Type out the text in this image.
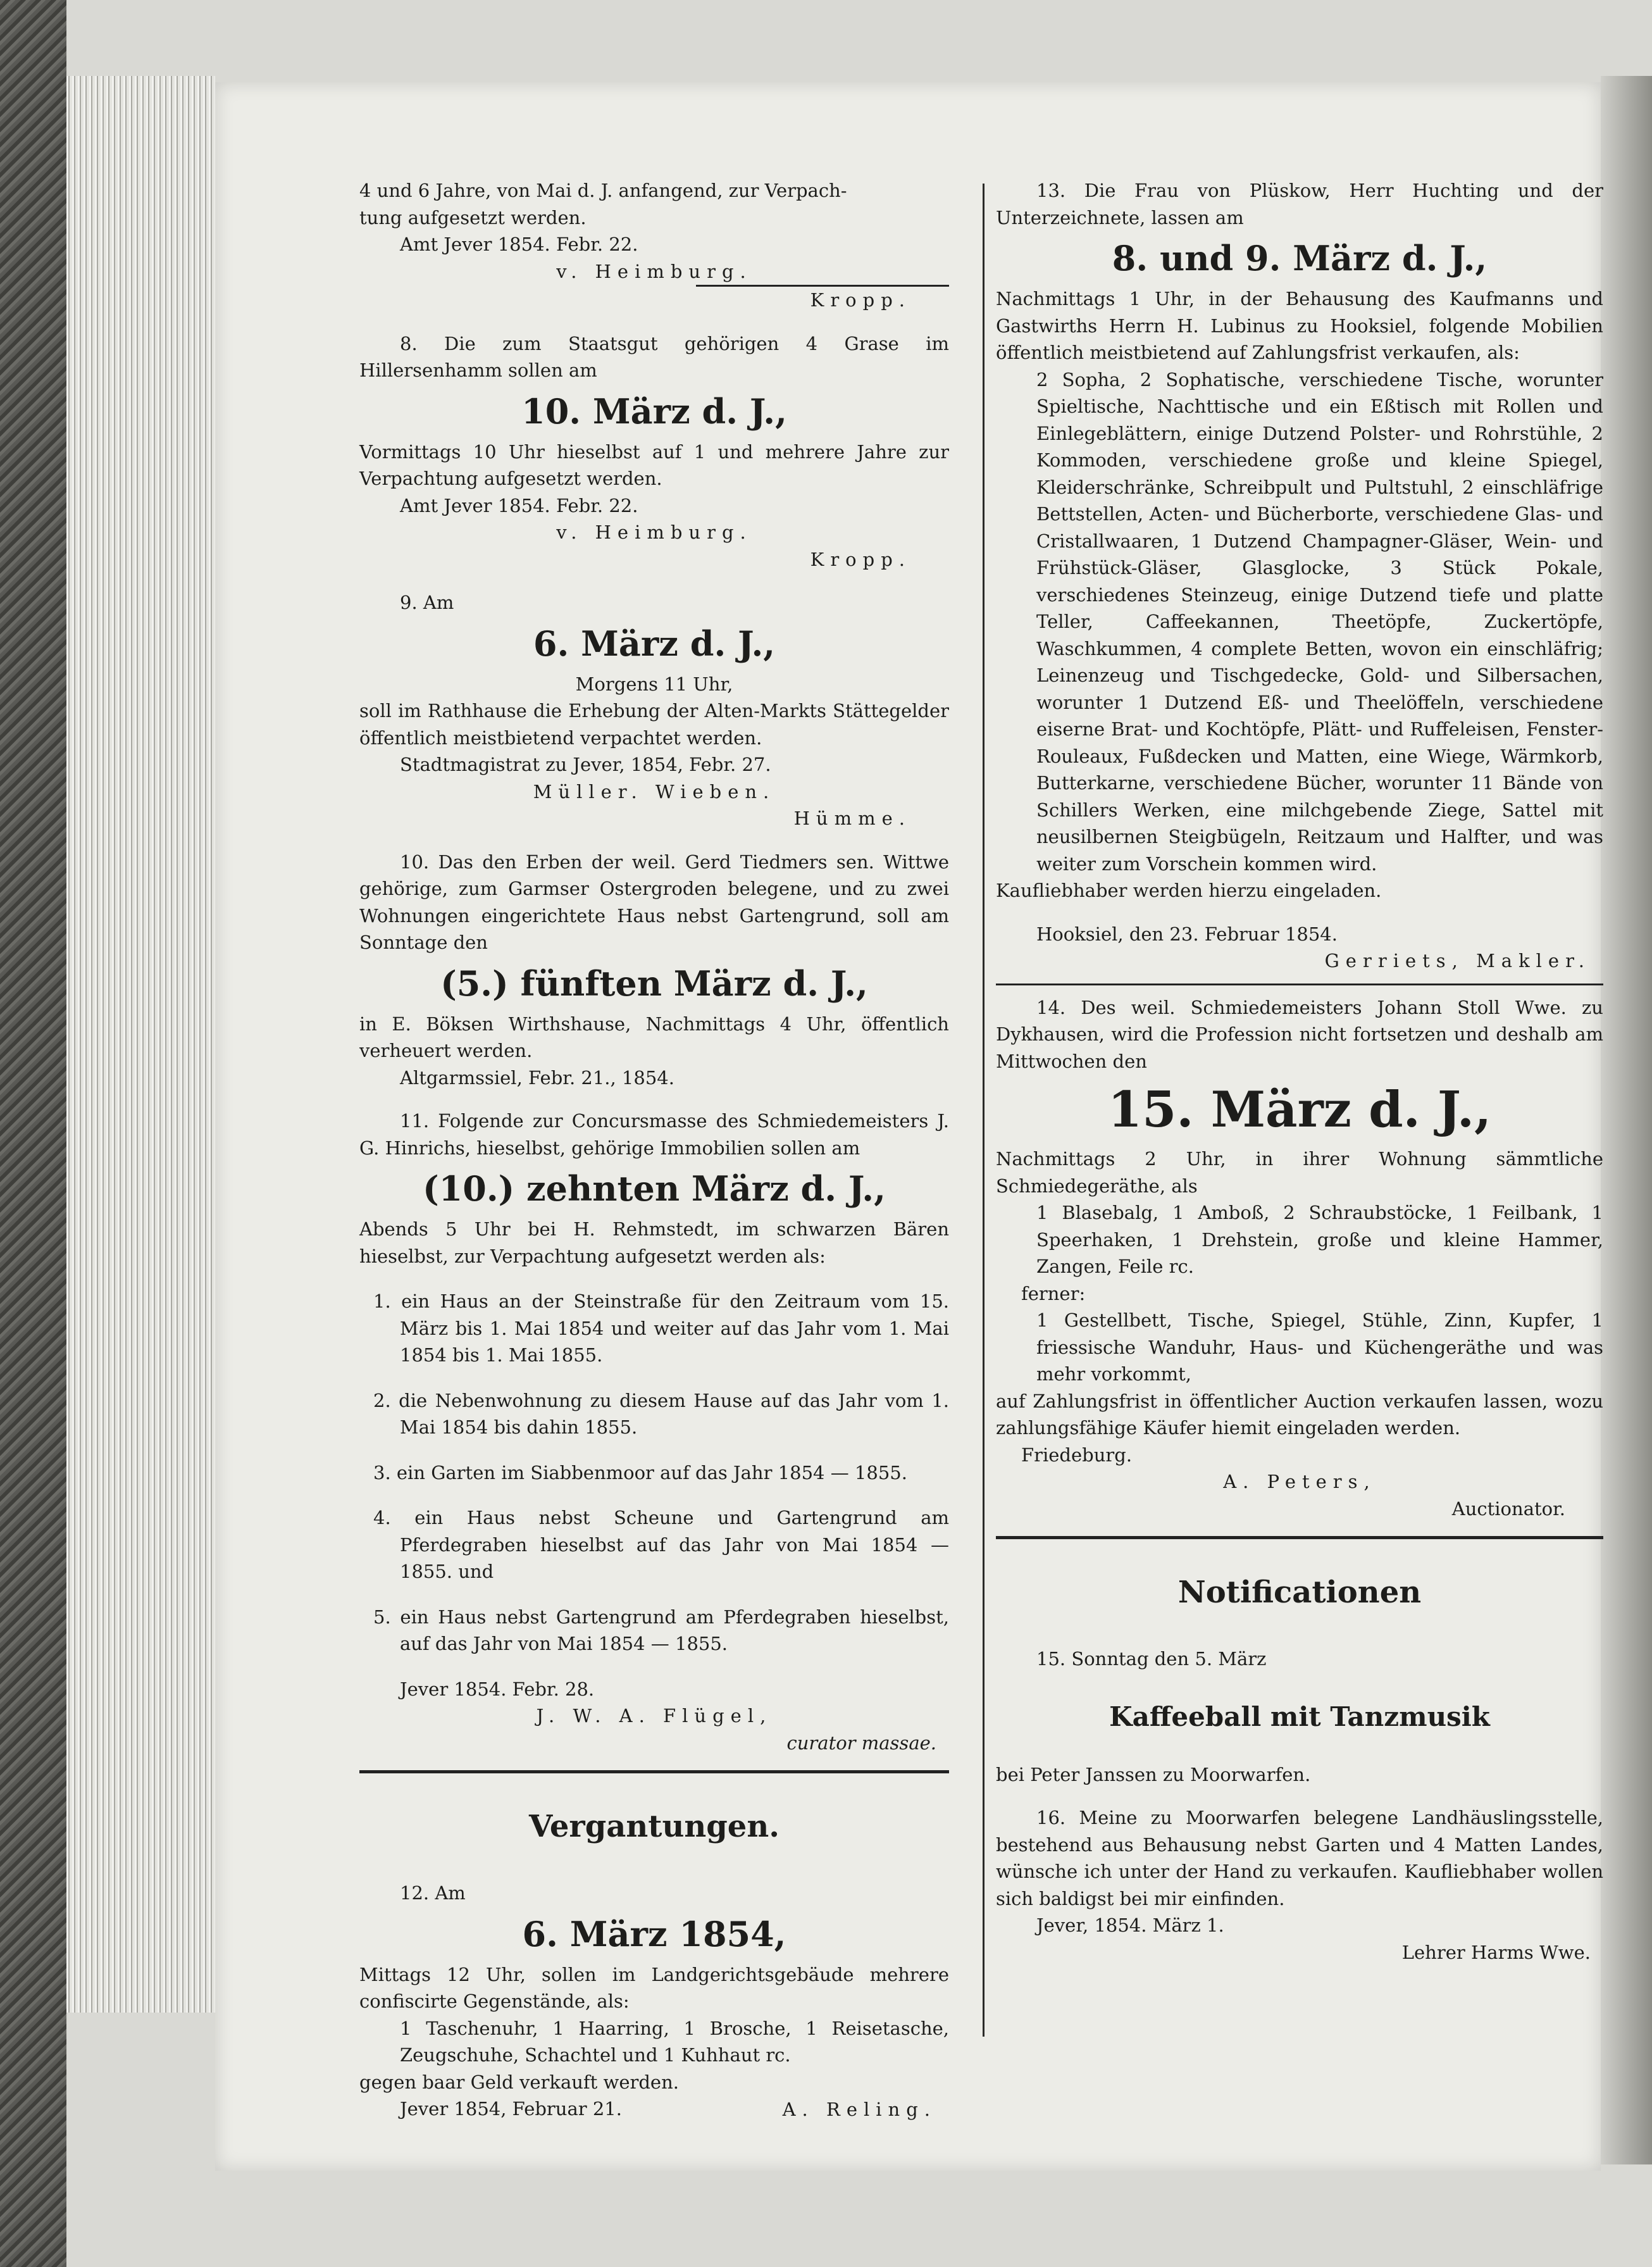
4 und 6 Jahre, von Mai d. J. anfangend, zur Verpach-

tung aufgesetzt werden.

Amt Jever 1854. Febr. 22.

v. Heimburg.

Kropp.

8. Die zum Staatsgut gehörigen 4 Grase im Hillersenhamm sollen am

10. März d. J.,

Vormittags 10 Uhr hieselbst auf 1 und mehrere Jahre zur Verpachtung aufgesetzt werden.

Amt Jever 1854. Febr. 22.

v. Heimburg.

Kropp.

9. Am

6. März d. J.,

Morgens 11 Uhr,

soll im Rathhause die Erhebung der Alten-Markts Stättegelder öffentlich meistbietend verpachtet werden.

Stadtmagistrat zu Jever, 1854, Febr. 27.

Müller. Wieben.

Hümme.

10. Das den Erben der weil. Gerd Tiedmers sen. Wittwe gehörige, zum Garmser Ostergroden belegene, und zu zwei Wohnungen eingerichtete Haus nebst Gartengrund, soll am Sonntage den

(5.) fünften März d. J.,

in E. Böksen Wirthshause, Nachmittags 4 Uhr, öffentlich verheuert werden.

Altgarmssiel, Febr. 21., 1854.

11. Folgende zur Concursmasse des Schmiedemeisters J. G. Hinrichs, hieselbst, gehörige Immobilien sollen am

(10.) zehnten März d. J.,

Abends 5 Uhr bei H. Rehmstedt, im schwarzen Bären hieselbst, zur Verpachtung aufgesetzt werden als:

1. ein Haus an der Steinstraße für den Zeitraum vom 15. März bis 1. Mai 1854 und weiter auf das Jahr vom 1. Mai 1854 bis 1. Mai 1855.

2. die Nebenwohnung zu diesem Hause auf das Jahr vom 1. Mai 1854 bis dahin 1855.

3. ein Garten im Siabbenmoor auf das Jahr 1854 — 1855.

4. ein Haus nebst Scheune und Gartengrund am Pferdegraben hieselbst auf das Jahr von Mai 1854 — 1855. und

5. ein Haus nebst Gartengrund am Pferdegraben hieselbst, auf das Jahr von Mai 1854 — 1855.

Jever 1854. Febr. 28.

J. W. A. Flügel,

curator massae.

Vergantungen.

12. Am

6. März 1854,

Mittags 12 Uhr, sollen im Landgerichtsgebäude mehrere confiscirte Gegenstände, als:

1 Taschenuhr, 1 Haarring, 1 Brosche, 1 Reisetasche, Zeugschuhe, Schachtel und 1 Kuhhaut rc.

gegen baar Geld verkauft werden.

Jever 1854, Februar 21.	A. Reling.

13. Die Frau von Plüskow, Herr Huchting und der Unterzeichnete, lassen am

8. und 9. März d. J.,

Nachmittags 1 Uhr, in der Behausung des Kaufmanns und Gastwirths Herrn H. Lubinus zu Hooksiel, folgende Mobilien öffentlich meistbietend auf Zahlungsfrist verkaufen, als:

2 Sopha, 2 Sophatische, verschiedene Tische, worunter Spieltische, Nachttische und ein Eßtisch mit Rollen und Einlegeblättern, einige Dutzend Polster- und Rohrstühle, 2 Kommoden, verschiedene große und kleine Spiegel, Kleiderschränke, Schreibpult und Pultstuhl, 2 einschläfrige Bettstellen, Acten- und Bücherborte, verschiedene Glas- und Cristallwaaren, 1 Dutzend Champagner-Gläser, Wein- und Frühstück-Gläser, Glasglocke, 3 Stück Pokale, verschiedenes Steinzeug, einige Dutzend tiefe und platte Teller, Caffeekannen, Theetöpfe, Zuckertöpfe, Waschkummen, 4 complete Betten, wovon ein einschläfrig; Leinenzeug und Tischgedecke, Gold- und Silbersachen, worunter 1 Dutzend Eß- und Theelöffeln, verschiedene eiserne Brat- und Kochtöpfe, Plätt- und Ruffeleisen, Fenster-Rouleaux, Fußdecken und Matten, eine Wiege, Wärmkorb, Butterkarne, verschiedene Bücher, worunter 11 Bände von Schillers Werken, eine milchgebende Ziege, Sattel mit neusilbernen Steigbügeln, Reitzaum und Halfter, und was weiter zum Vorschein kommen wird.

Kaufliebhaber werden hierzu eingeladen.

Hooksiel, den 23. Februar 1854.

Gerriets, Makler.

14. Des weil. Schmiedemeisters Johann Stoll Wwe. zu Dykhausen, wird die Profession nicht fortsetzen und deshalb am Mittwochen den

15. März d. J.,

Nachmittags 2 Uhr, in ihrer Wohnung sämmtliche Schmiedegeräthe, als

1 Blasebalg, 1 Amboß, 2 Schraubstöcke, 1 Feilbank, 1 Speerhaken, 1 Drehstein, große und kleine Hammer, Zangen, Feile rc.

ferner:

1 Gestellbett, Tische, Spiegel, Stühle, Zinn, Kupfer, 1 friessische Wanduhr, Haus- und Küchengeräthe und was mehr vorkommt,

auf Zahlungsfrist in öffentlicher Auction verkaufen lassen, wozu zahlungsfähige Käufer hiemit eingeladen werden.

Friedeburg.

A. Peters,

Auctionator.

Notificationen

15. Sonntag den 5. März

Kaffeeball mit Tanzmusik

bei Peter Janssen zu Moorwarfen.

16. Meine zu Moorwarfen belegene Landhäuslingsstelle, bestehend aus Behausung nebst Garten und 4 Matten Landes, wünsche ich unter der Hand zu verkaufen. Kaufliebhaber wollen sich baldigst bei mir einfinden.

Jever, 1854. März 1.

Lehrer Harms Wwe.
